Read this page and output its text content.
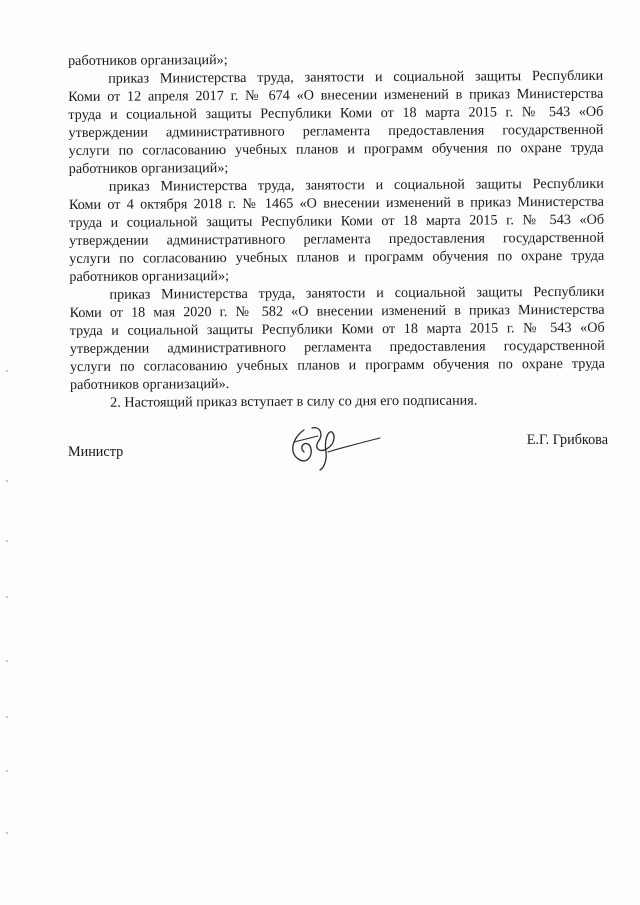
работников организаций»;
приказ Министерства труда, занятости и социальной защиты Республики
Коми от 12 апреля 2017 г. № 674 «О внесении изменений в приказ Министерства
труда и социальной защиты Республики Коми от 18 марта 2015 г. № 543 «Об
утверждении административного регламента предоставления государственной
услуги по согласованию учебных планов и программ обучения по охране труда
работников организаций»;
приказ Министерства труда, занятости и социальной защиты Республики
Коми от 4 октября 2018 г. № 1465 «О внесении изменений в приказ Министерства
труда и социальной защиты Республики Коми от 18 марта 2015 г. № 543 «Об
утверждении административного регламента предоставления государственной
услуги по согласованию учебных планов и программ обучения по охране труда
работников организаций»;
приказ Министерства труда, занятости и социальной защиты Республики
Коми от 18 мая 2020 г. № 582 «О внесении изменений в приказ Министерства
труда и социальной защиты Республики Коми от 18 марта 2015 г. № 543 «Об
утверждении административного регламента предоставления государственной
услуги по согласованию учебных планов и программ обучения по охране труда
работников организаций».
2. Настоящий приказ вступает в силу со дня его подписания.
Министр
Е.Г. Грибкова
